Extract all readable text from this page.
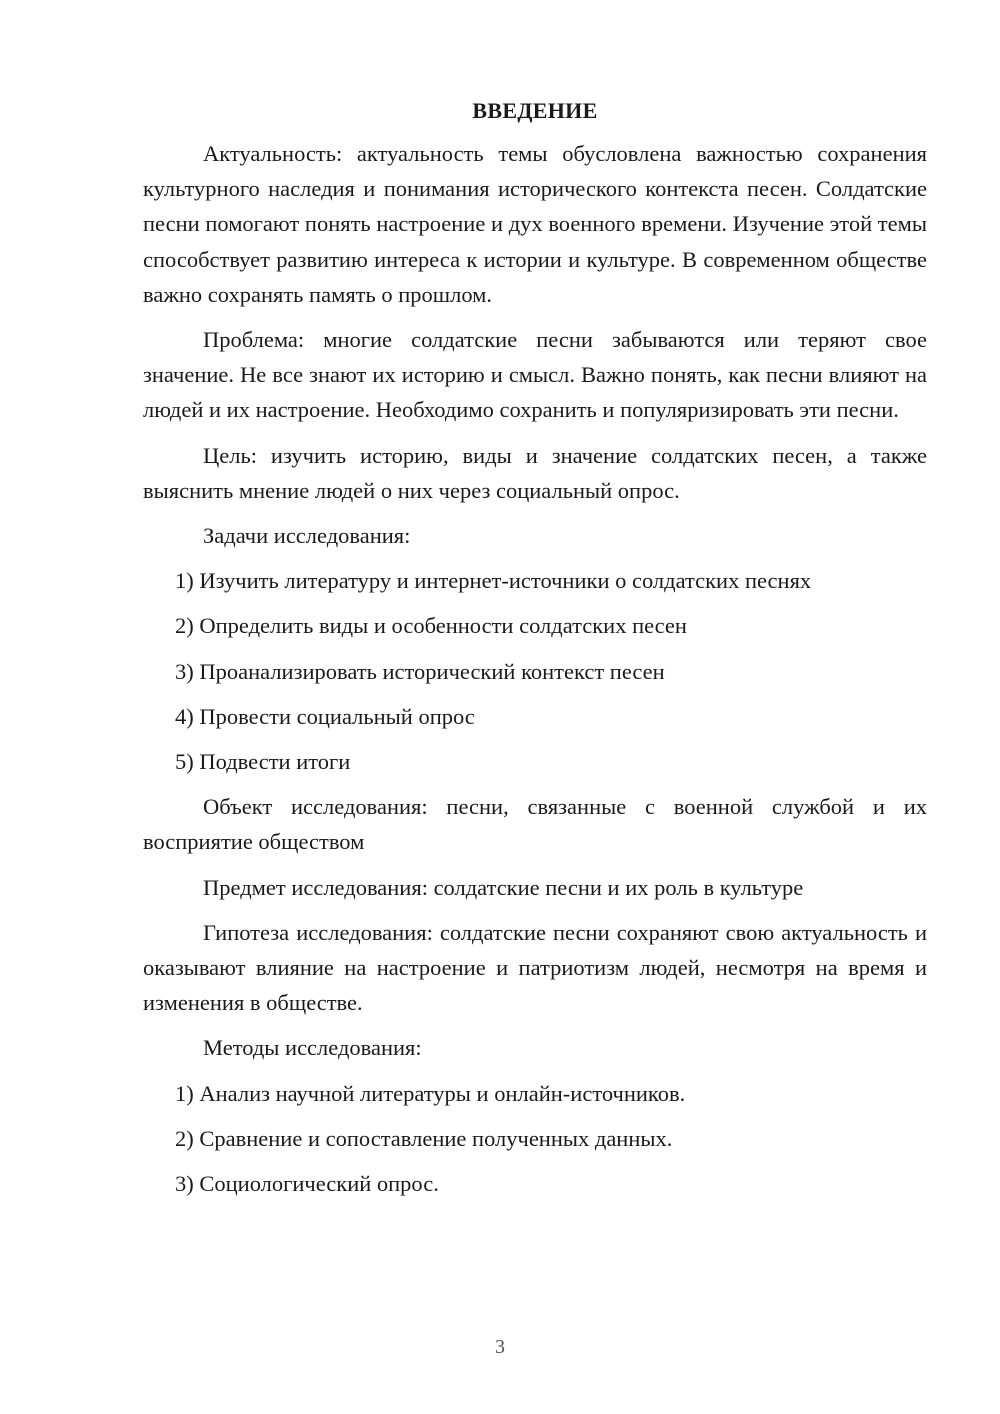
ВВЕДЕНИЕ

Актуальность: актуальность темы обусловлена важностью сохранения культурного наследия и понимания исторического контекста песен. Солдатские песни помогают понять настроение и дух военного времени. Изучение этой темы способствует развитию интереса к истории и культуре. В современном обществе важно сохранять память о прошлом.

Проблема: многие солдатские песни забываются или теряют свое значение. Не все знают их историю и смысл. Важно понять, как песни влияют на людей и их настроение. Необходимо сохранить и популяризировать эти песни.

Цель: изучить историю, виды и значение солдатских песен, а также выяснить мнение людей о них через социальный опрос.

Задачи исследования:

1) Изучить литературу и интернет-источники о солдатских песнях
2) Определить виды и особенности солдатских песен
3) Проанализировать исторический контекст песен
4) Провести социальный опрос
5) Подвести итоги

Объект исследования: песни, связанные с военной службой и их восприятие обществом

Предмет исследования: солдатские песни и их роль в культуре

Гипотеза исследования: солдатские песни сохраняют свою актуальность и оказывают влияние на настроение и патриотизм людей, несмотря на время и изменения в обществе.

Методы исследования:

1) Анализ научной литературы и онлайн-источников.
2) Сравнение и сопоставление полученных данных.
3) Социологический опрос.
3
